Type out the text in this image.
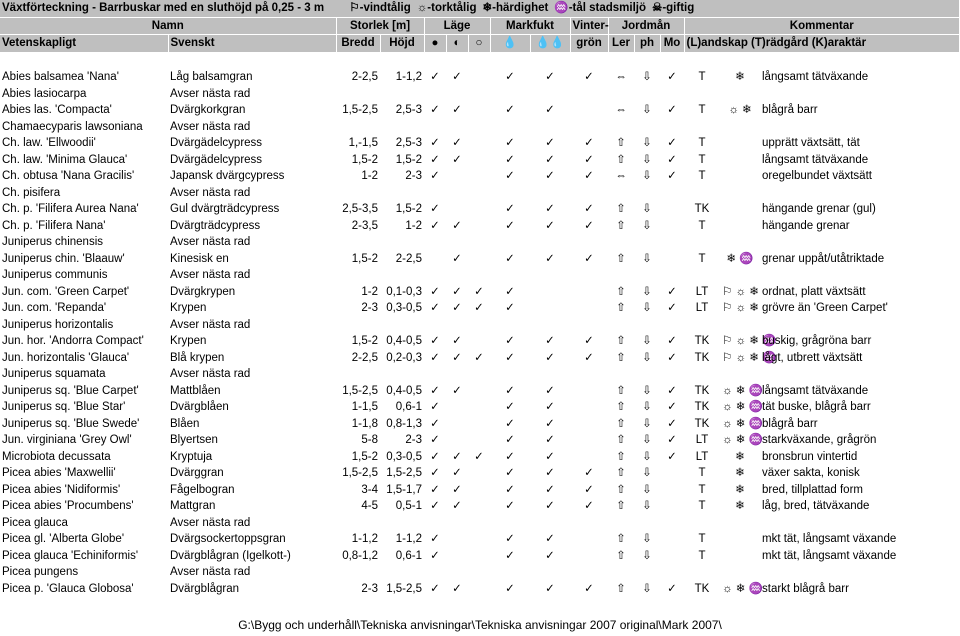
Växtförteckning - Barrbuskar med en sluthöjd på 0,25 - 3 m ⚐-vindtålig ☼-torktålig ❄-härdighet ♒-tål stadsmiljö ☠-giftig															
Namn		Storlek [m]		Läge			Markfukt		Vinter-	Jordmån			Kommentar		
Vetenskapligt	Svenskt	Bredd	Höjd	●	◐	○	💧	💧💧	grön	Ler	ph	Mo	(L)andskap (T)rädgård (K)araktär		

Abies balsamea 'Nana'	Låg balsamgran	2-2,5	1-1,2	✓	✓		✓	✓	✓	⇔	⇩	✓	T	❄	långsamt tätväxande
Abies lasiocarpa	Avser nästa rad														
Abies las. 'Compacta'	Dvärgkorkgran	1,5-2,5	2,5-3	✓	✓		✓	✓		⇔	⇩	✓	T	☼ ❄	blågrå barr
Chamaecyparis lawsoniana	Avser nästa rad														
Ch. law. 'Ellwoodii'	Dvärgädelcypress	1,-1,5	2,5-3	✓	✓		✓	✓	✓	⇧	⇩	✓	T		upprätt växtsätt, tät
Ch. law. 'Minima Glauca'	Dvärgädelcypress	1,5-2	1,5-2	✓	✓		✓	✓	✓	⇧	⇩	✓	T		långsamt tätväxande
Ch. obtusa 'Nana Gracilis'	Japansk dvärgcypress	1-2	2-3	✓			✓	✓	✓	⇔	⇩	✓	T		oregelbundet växtsätt
Ch. pisifera	Avser nästa rad														
Ch. p. 'Filifera Aurea Nana'	Gul dvärgträdcypress	2,5-3,5	1,5-2	✓			✓	✓	✓	⇧	⇩		TK		hängande grenar (gul)
Ch. p. 'Filifera Nana'	Dvärgträdcypress	2-3,5	1-2	✓	✓		✓	✓	✓	⇧	⇩		T		hängande grenar
Juniperus chinensis	Avser nästa rad														
Juniperus chin. 'Blaauw'	Kinesisk en	1,5-2	2-2,5		✓		✓	✓	✓	⇧	⇩		T	❄ ♒	grenar uppåt/utåtriktade
Juniperus communis	Avser nästa rad														
Jun. com. 'Green Carpet'	Dvärgkrypen	1-2	0,1-0,3	✓	✓	✓	✓			⇧	⇩	✓	LT	⚐ ☼ ❄	ordnat, platt växtsätt
Jun. com. 'Repanda'	Krypen	2-3	0,3-0,5	✓	✓	✓	✓			⇧	⇩	✓	LT	⚐ ☼ ❄	grövre än 'Green Carpet'
Juniperus horizontalis	Avser nästa rad														
Jun. hor. 'Andorra Compact'	Krypen	1,5-2	0,4-0,5	✓	✓		✓	✓	✓	⇧	⇩	✓	TK	⚐ ☼ ❄ ♒	buskig, grågröna barr
Jun. horizontalis 'Glauca'	Blå krypen	2-2,5	0,2-0,3	✓	✓	✓	✓	✓	✓	⇧	⇩	✓	TK	⚐ ☼ ❄ ♒	lågt, utbrett växtsätt
Juniperus squamata	Avser nästa rad														
Juniperus sq. 'Blue Carpet'	Mattblåen	1,5-2,5	0,4-0,5	✓	✓		✓	✓		⇧	⇩	✓	TK	☼ ❄ ♒	långsamt tätväxande
Juniperus sq. 'Blue Star'	Dvärgblåen	1-1,5	0,6-1	✓			✓	✓		⇧	⇩	✓	TK	☼ ❄ ♒	tät buske, blågrå barr
Juniperus sq. 'Blue Swede'	Blåen	1-1,8	0,8-1,3	✓			✓	✓		⇧	⇩	✓	TK	☼ ❄ ♒	blågrå barr
Jun. virginiana 'Grey Owl'	Blyertsen	5-8	2-3	✓			✓	✓		⇧	⇩	✓	LT	☼ ❄ ♒	starkväxande, grågrön
Microbiota decussata	Kryptuja	1,5-2	0,3-0,5	✓	✓	✓	✓	✓		⇧	⇩	✓	LT	❄	bronsbrun vintertid
Picea abies 'Maxwellii'	Dvärggran	1,5-2,5	1,5-2,5	✓	✓		✓	✓	✓	⇧	⇩		T	❄	växer sakta, konisk
Picea abies 'Nidiformis'	Fågelbogran	3-4	1,5-1,7	✓	✓		✓	✓	✓	⇧	⇩		T	❄	bred, tillplattad form
Picea abies 'Procumbens'	Mattgran	4-5	0,5-1	✓	✓		✓	✓	✓	⇧	⇩		T	❄	låg, bred, tätväxande
Picea glauca	Avser nästa rad														
Picea gl. 'Alberta Globe'	Dvärgsockertoppsgran	1-1,2	1-1,2	✓			✓	✓		⇧	⇩		T		mkt tät, långsamt växande
Picea glauca 'Echiniformis'	Dvärgblågran (Igelkott-)	0,8-1,2	0,6-1	✓			✓	✓		⇧	⇩		T		mkt tät, långsamt växande
Picea pungens	Avser nästa rad														
Picea p. 'Glauca Globosa'	Dvärgblågran	2-3	1,5-2,5	✓	✓		✓	✓	✓	⇧	⇩	✓	TK	☼ ❄ ♒	starkt blågrå barr
G:\Bygg och underhåll\Tekniska anvisningar\Tekniska anvisningar 2007 original\Mark 2007\
